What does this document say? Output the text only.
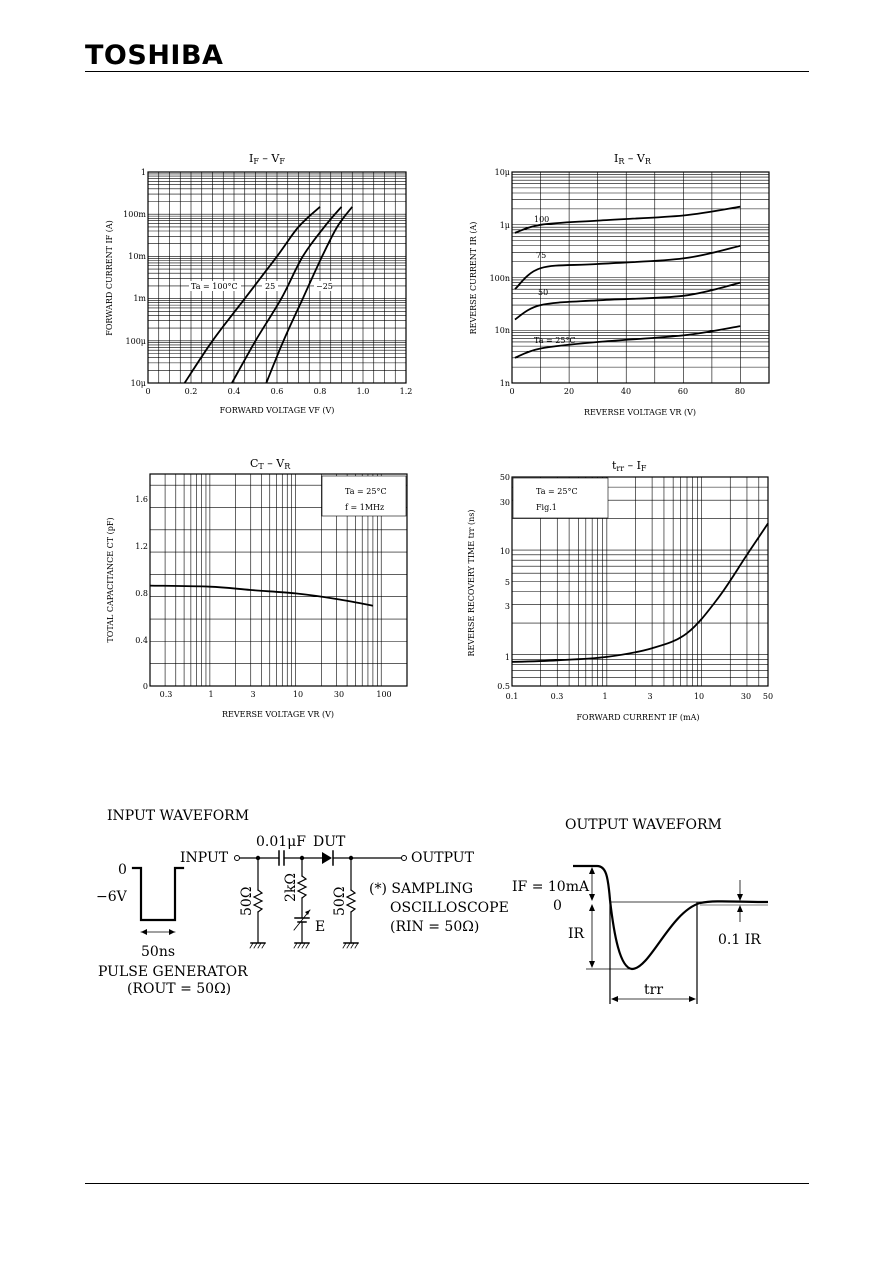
TOSHIBA
IF – VF
0	0.2	0.4	0.6	0.8	1.0	1.2
1
100m
10m
1m
100μ
10μ
FORWARD VOLTAGE VF (V)
FORWARD CURRENT IF (A)	Ta = 100°C	25	−25
IR – VR
0	20	40	60	80
10μ
1μ
100n
10n
1n
REVERSE VOLTAGE VR (V)
REVERSE CURRENT IR (A)
100
75
50
Ta = 25°C
CT – VR
0.3	1	3	10	30	100
1.6
1.2
0.8
0.4
0
REVERSE VOLTAGE VR (V)
TOTAL CAPACITANCE CT (pF)
Ta = 25°C
f = 1MHz
trr – IF
0.1	0.3	1	3	10	30 50
50
30
10
5
3
1
0.5
FORWARD CURRENT IF (mA)
REVERSE RECOVERY TIME trr (ns)
Ta = 25°C
Fig.1
INPUT WAVEFORM
0
−6V
50ns
PULSE GENERATOR
(ROUT = 50Ω)
INPUT
0.01μF DUT
OUTPUT
50Ω 2kΩ
E
50Ω (*) SAMPLING
OSCILLOSCOPE
(RIN = 50Ω)
OUTPUT WAVEFORM
IF = 10mA
0
IR
trr
0.1 IR
